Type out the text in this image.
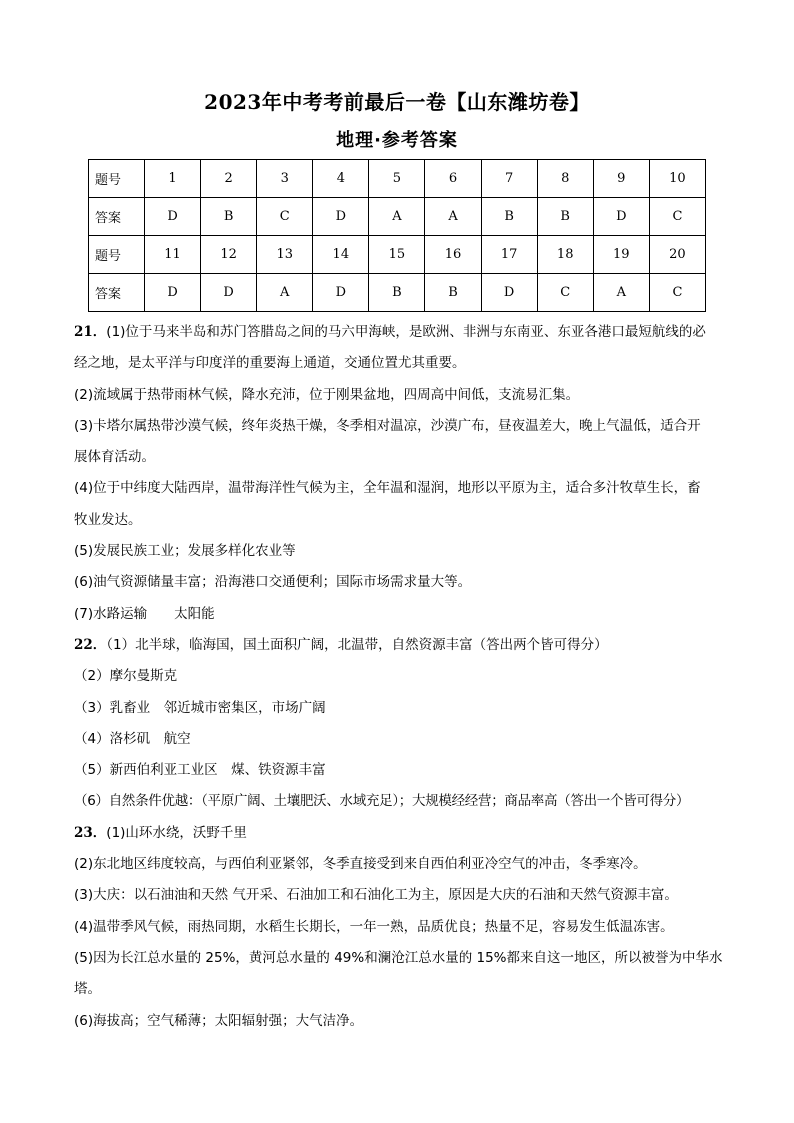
2023年中考考前最后一卷【山东潍坊卷】
地理·参考答案
题号	1	2	3	4	5	6	7	8	9	10
答案	D	B	C	D	A	A	B	B	D	C
题号	11	12	13	14	15	16	17	18	19	20
答案	D	D	A	D	B	B	D	C	A	C
21．(1)位于马来半岛和苏门答腊岛之间的马六甲海峡，是欧洲、非洲与东南亚、东亚各港口最短航线的必
经之地，是太平洋与印度洋的重要海上通道，交通位置尤其重要。
(2)流域属于热带雨林气候，降水充沛，位于刚果盆地，四周高中间低，支流易汇集。
(3)卡塔尔属热带沙漠气候，终年炎热干燥，冬季相对温凉，沙漠广布，昼夜温差大，晚上气温低，适合开
展体育活动。
(4)位于中纬度大陆西岸，温带海洋性气候为主，全年温和湿润，地形以平原为主，适合多汁牧草生长，畜
牧业发达。
(5)发展民族工业；发展多样化农业等
(6)油气资源储量丰富；沿海港口交通便利；国际市场需求量大等。
(7)水路运输　　太阳能
22．（1）北半球，临海国，国土面积广阔，北温带，自然资源丰富（答出两个皆可得分）
（2）摩尔曼斯克
（3）乳畜业　邻近城市密集区，市场广阔
（4）洛杉矶　航空
（5）新西伯利亚工业区　煤、铁资源丰富
（6）自然条件优越：（平原广阔、土壤肥沃、水域充足）；大规模经经营；商品率高（答出一个皆可得分）
23．(1)山环水绕，沃野千里
(2)东北地区纬度较高，与西伯利亚紧邻，冬季直接受到来自西伯利亚冷空气的冲击，冬季寒冷。
(3)大庆：以石油油和天然 气开采、石油加工和石油化工为主，原因是大庆的石油和天然气资源丰富。
(4)温带季风气候，雨热同期，水稻生长期长，一年一熟，品质优良；热量不足，容易发生低温冻害。
(5)因为长江总水量的 25%，黄河总水量的 49%和澜沧江总水量的 15%都来自这一地区，所以被誉为中华水
塔。
(6)海拔高；空气稀薄；太阳辐射强；大气洁净。
